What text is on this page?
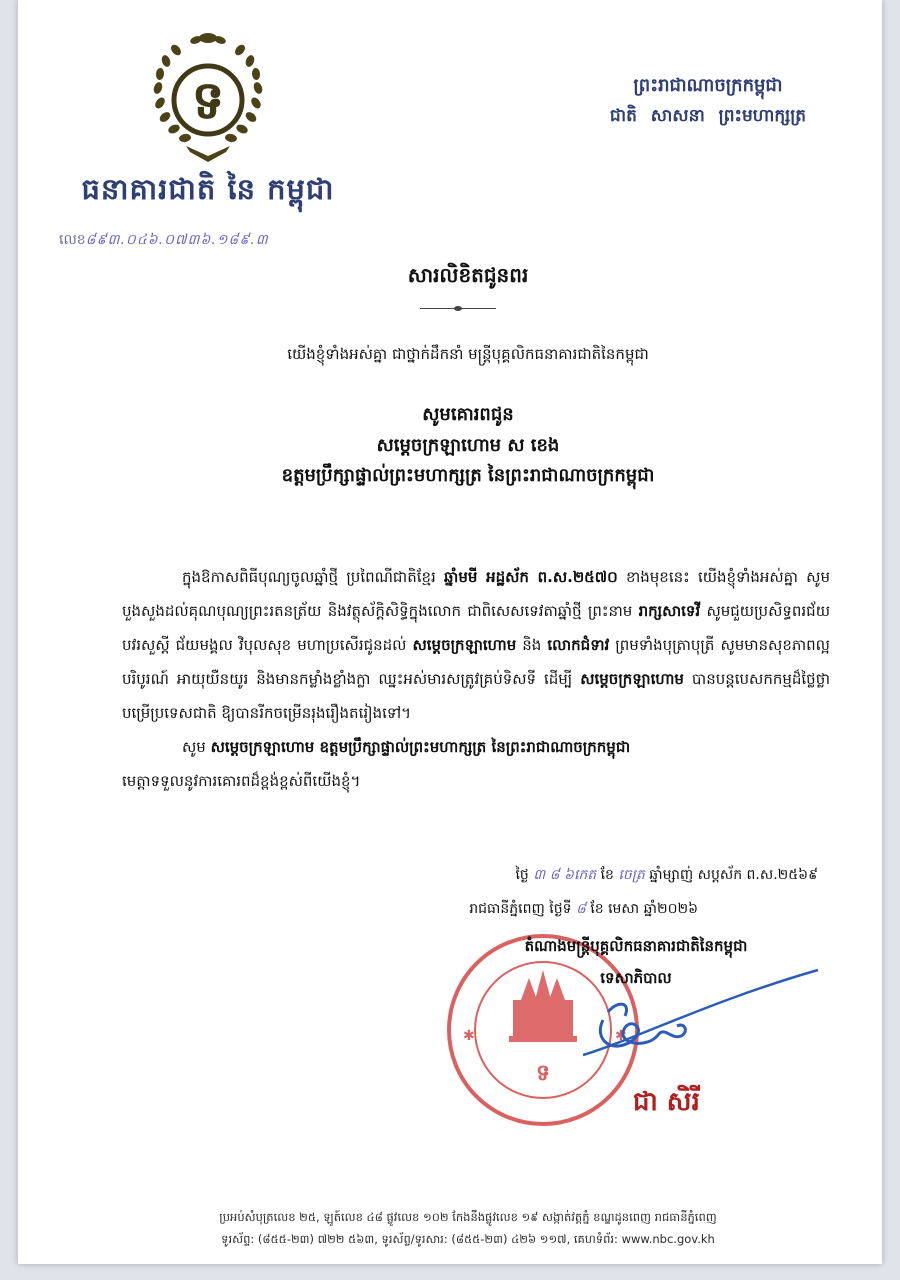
ទ
ធនាគារជាតិ នៃ កម្ពុជា
លេខ៨៩៣.០៤៦.០៧៣៦.១៨៩.៣
ព្រះរាជាណាចក្រកម្ពុជា
ជាតិ សាសនា ព្រះមហាក្សត្រ
សារលិខិតជូនពរ
យើងខ្ញុំទាំងអស់គ្នា ជាថ្នាក់ដឹកនាំ មន្ត្រីបុគ្គលិកធនាគារជាតិនៃកម្ពុជា
សូមគោរពជូន
សម្ដេចក្រឡាហោម ស ខេង
ឧត្តមប្រឹក្សាផ្ទាល់ព្រះមហាក្សត្រ នៃព្រះរាជាណាចក្រកម្ពុជា

ក្នុងឱកាសពិធីបុណ្យចូលឆ្នាំថ្មី ប្រពៃណីជាតិខ្មែរ ឆ្នាំមមី អដ្ឋស័ក ព.ស.២៥៧០ ខាងមុខនេះ យើងខ្ញុំទាំងអស់គ្នា សូមបួងសួងដល់គុណបុណ្យព្រះរតនត្រ័យ និងវត្ថុស័ក្តិសិទ្ធិក្នុងលោក ជាពិសេសទេវតាឆ្នាំថ្មី ព្រះនាម រាក្សសាទេវី សូមជួយប្រសិទ្ធពរជ័យ បវរសួស្តី ជ័យមង្គល វិបុលសុខ មហាប្រសើរជូនដល់ សម្ដេចក្រឡាហោម និង លោកជំទាវ ព្រមទាំងបុត្រាបុត្រី សូមមានសុខភាពល្អបរិបូរណ៍ អាយុយឺនយូរ និងមានកម្លាំងខ្លាំងក្លា ឈ្នះអស់មារសត្រូវគ្រប់ទិសទី ដើម្បី សម្ដេចក្រឡាហោម បានបន្តបេសកកម្មដ៏ថ្លៃថ្លាបម្រើប្រទេសជាតិ ឱ្យបានរីកចម្រើនរុងរឿងតរៀងទៅ។

សូម សម្ដេចក្រឡាហោម ឧត្តមប្រឹក្សាផ្ទាល់ព្រះមហាក្សត្រ នៃព្រះរាជាណាចក្រកម្ពុជា

មេត្តាទទួលនូវការគោរពដ៏ខ្ពង់ខ្ពស់ពីយើងខ្ញុំ។

ថ្ងៃ ៣ ៨ ៦កេត ខែ ចេត្រ ឆ្នាំម្សាញ់ សប្តស័ក ព.ស.២៥៦៩
រាជធានីភ្នំពេញ ថ្ងៃទី ៨ ខែ មេសា ឆ្នាំ២០២៦
✱	✱
ទ
តំណាងមន្ត្រីបុគ្គលិកធនាគារជាតិនៃកម្ពុជា
ទេសាភិបាល
ជា សិរី
ប្រអប់សំបុត្រលេខ ២៥, ឡូត៍លេខ ៤៨ ផ្លូវលេខ ១០២ កែងនឹងផ្លូវលេខ ១៩ សង្កាត់វត្តភ្នំ ខណ្ឌដូនពេញ រាជធានីភ្នំពេញ
ទូរស័ព្ទ: (៨៥៥-២៣) ៧២២ ៥៦៣, ទូរស័ព្ទ/ទូរសារ: (៨៥៥-២៣) ៤២៦ ១១៧, គេហទំព័រ: www.nbc.gov.kh
